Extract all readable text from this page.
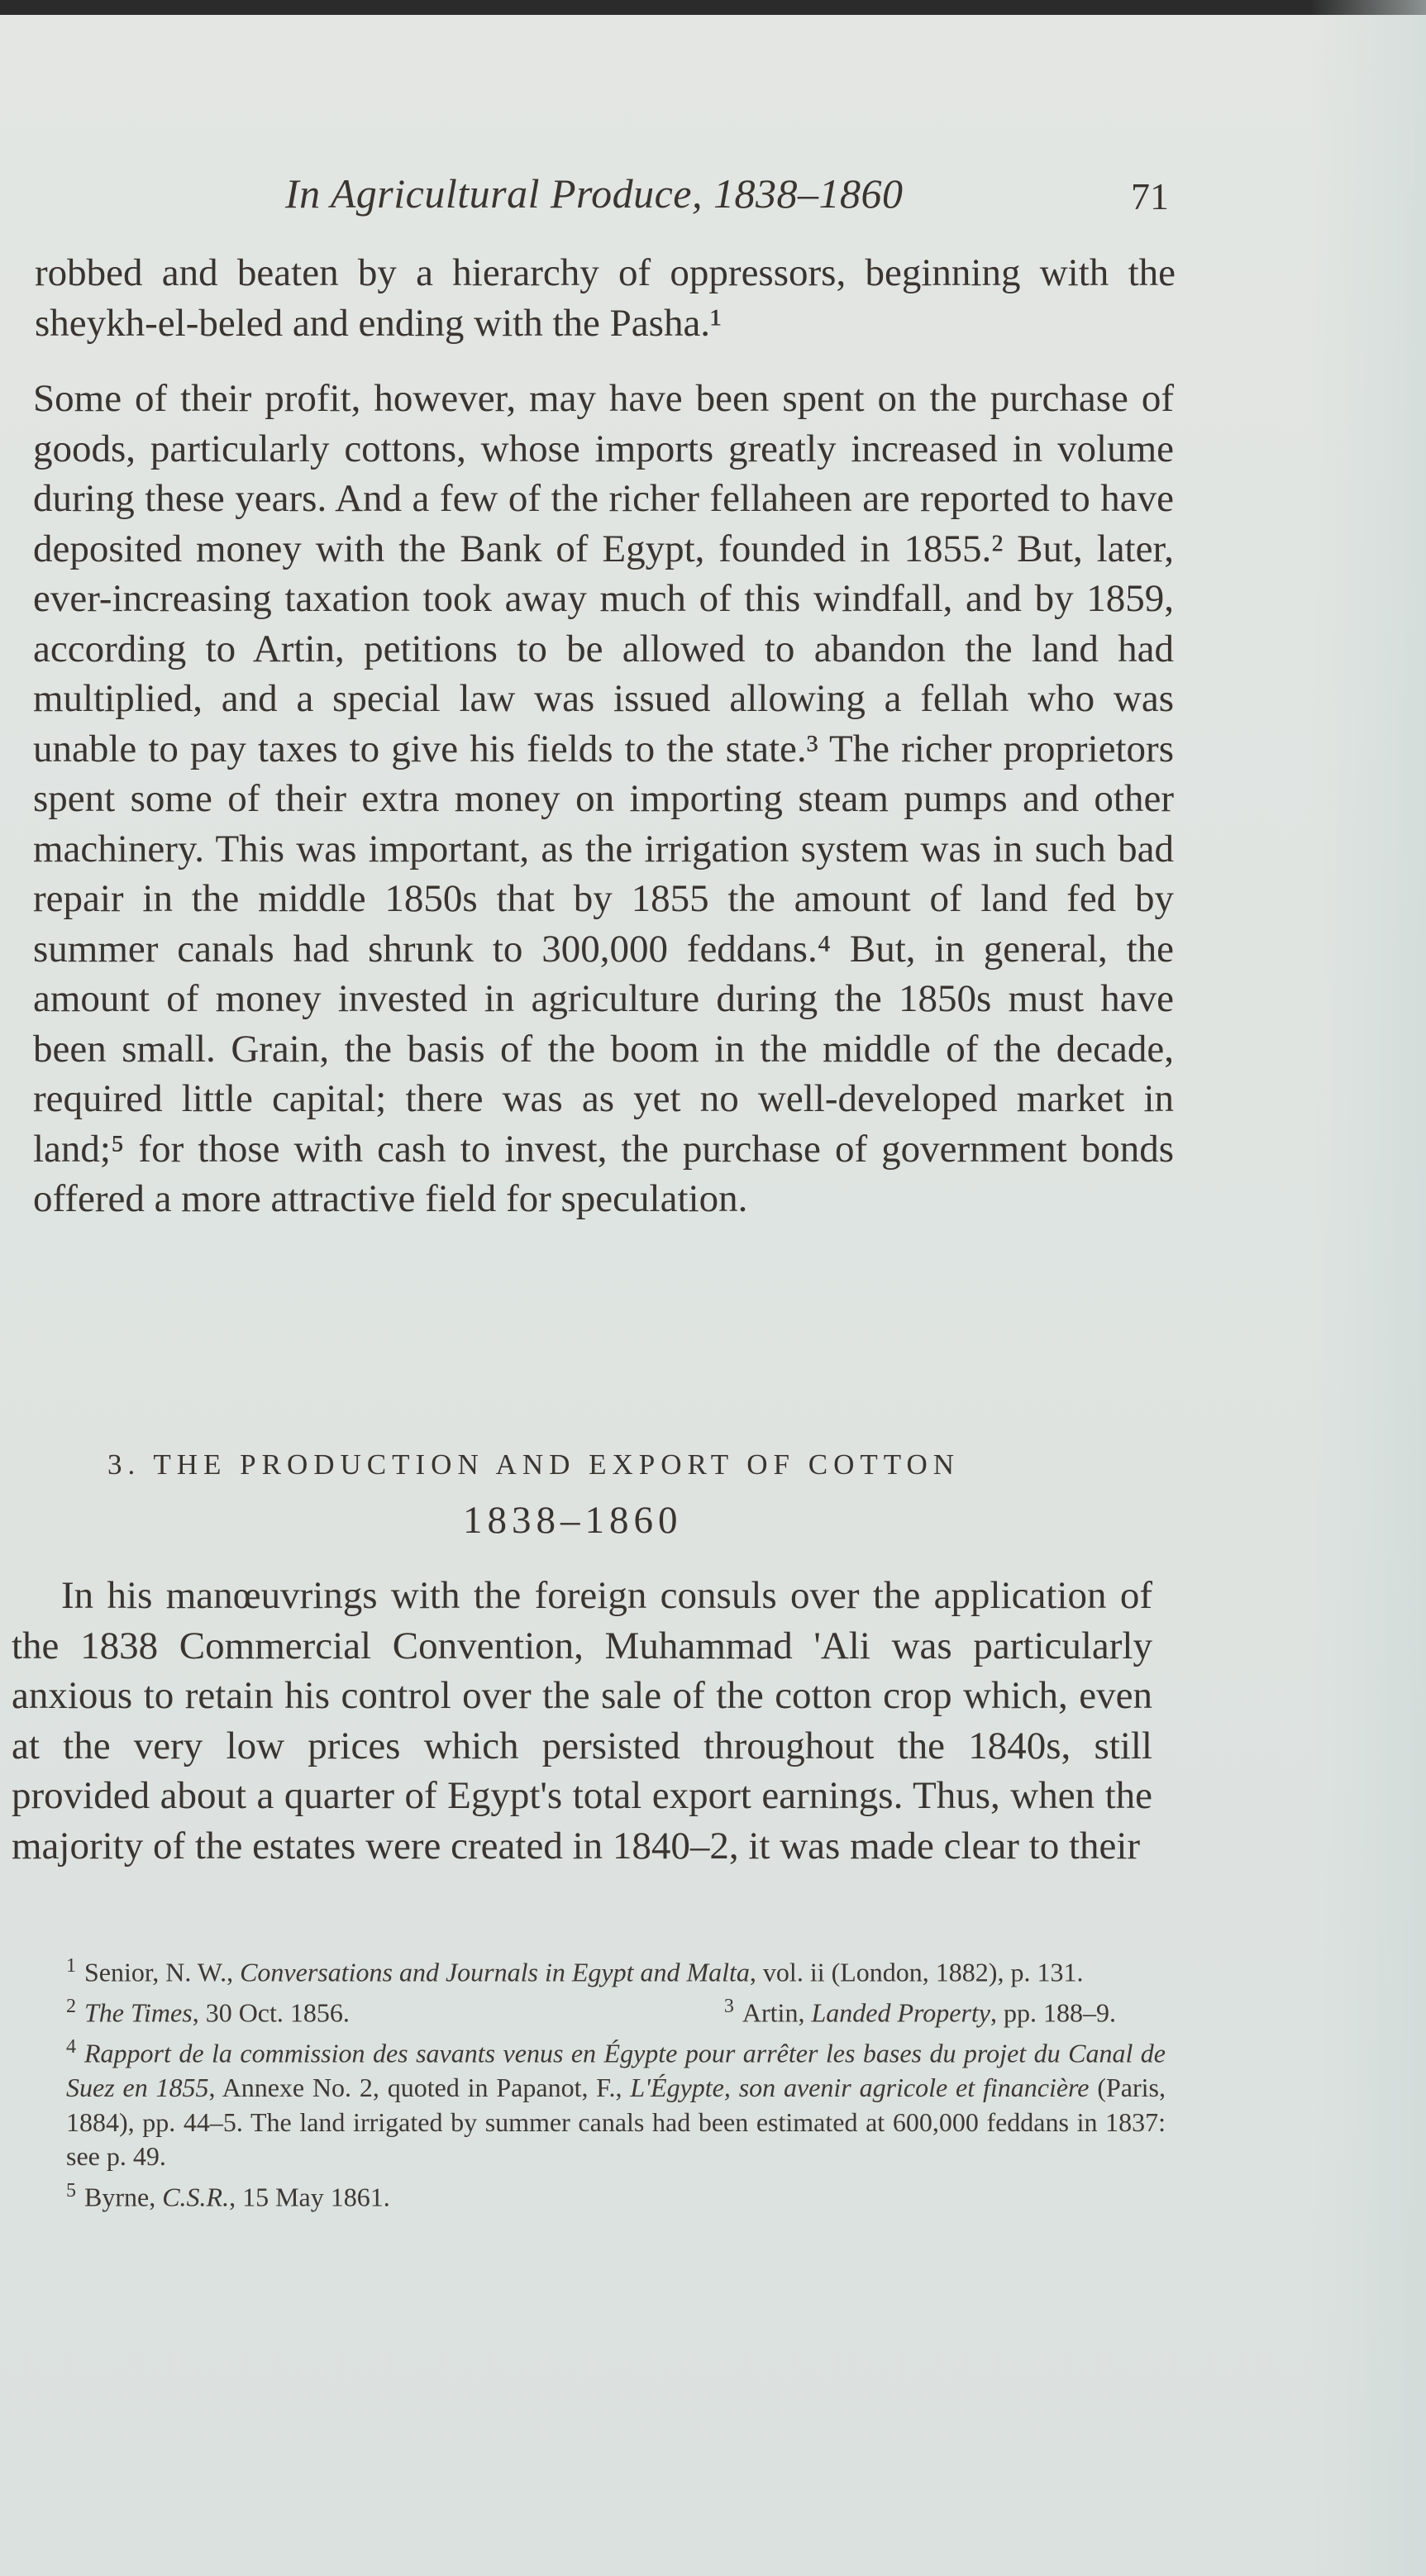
In Agricultural Produce, 1838–1860	71
robbed and beaten by a hierarchy of oppressors, beginning with the sheykh-el-beled and ending with the Pasha.¹
Some of their profit, however, may have been spent on the purchase of goods, particularly cottons, whose imports greatly increased in volume during these years. And a few of the richer fellaheen are reported to have deposited money with the Bank of Egypt, founded in 1855.² But, later, ever-increasing taxation took away much of this windfall, and by 1859, according to Artin, petitions to be allowed to abandon the land had multiplied, and a special law was issued allowing a fellah who was unable to pay taxes to give his fields to the state.³ The richer proprietors spent some of their extra money on importing steam pumps and other machinery. This was important, as the irrigation system was in such bad repair in the middle 1850s that by 1855 the amount of land fed by summer canals had shrunk to 300,000 feddans.⁴ But, in general, the amount of money invested in agriculture during the 1850s must have been small. Grain, the basis of the boom in the middle of the decade, required little capital; there was as yet no well-developed market in land;⁵ for those with cash to invest, the purchase of government bonds offered a more attractive field for speculation.
3. THE PRODUCTION AND EXPORT OF COTTON
1838–1860
In his manœuvrings with the foreign consuls over the application of the 1838 Commercial Convention, Muhammad 'Ali was particularly anxious to retain his control over the sale of the cotton crop which, even at the very low prices which persisted throughout the 1840s, still provided about a quarter of Egypt's total export earnings. Thus, when the majority of the estates were created in 1840–2, it was made clear to their
$^1$ Senior, N. W., Conversations and Journals in Egypt and Malta, vol. ii (London, 1882), p. 131.
$^2$ The Times, 30 Oct. 1856.	$^3$ Artin, Landed Property, pp. 188–9.
$^4$ Rapport de la commission des savants venus en Égypte pour arrêter les bases du projet du Canal de Suez en 1855, Annexe No. 2, quoted in Papanot, F., L'Égypte, son avenir agricole et financière (Paris, 1884), pp. 44–5. The land irrigated by summer canals had been estimated at 600,000 feddans in 1837: see p. 49.
$^5$ Byrne, C.S.R., 15 May 1861.
